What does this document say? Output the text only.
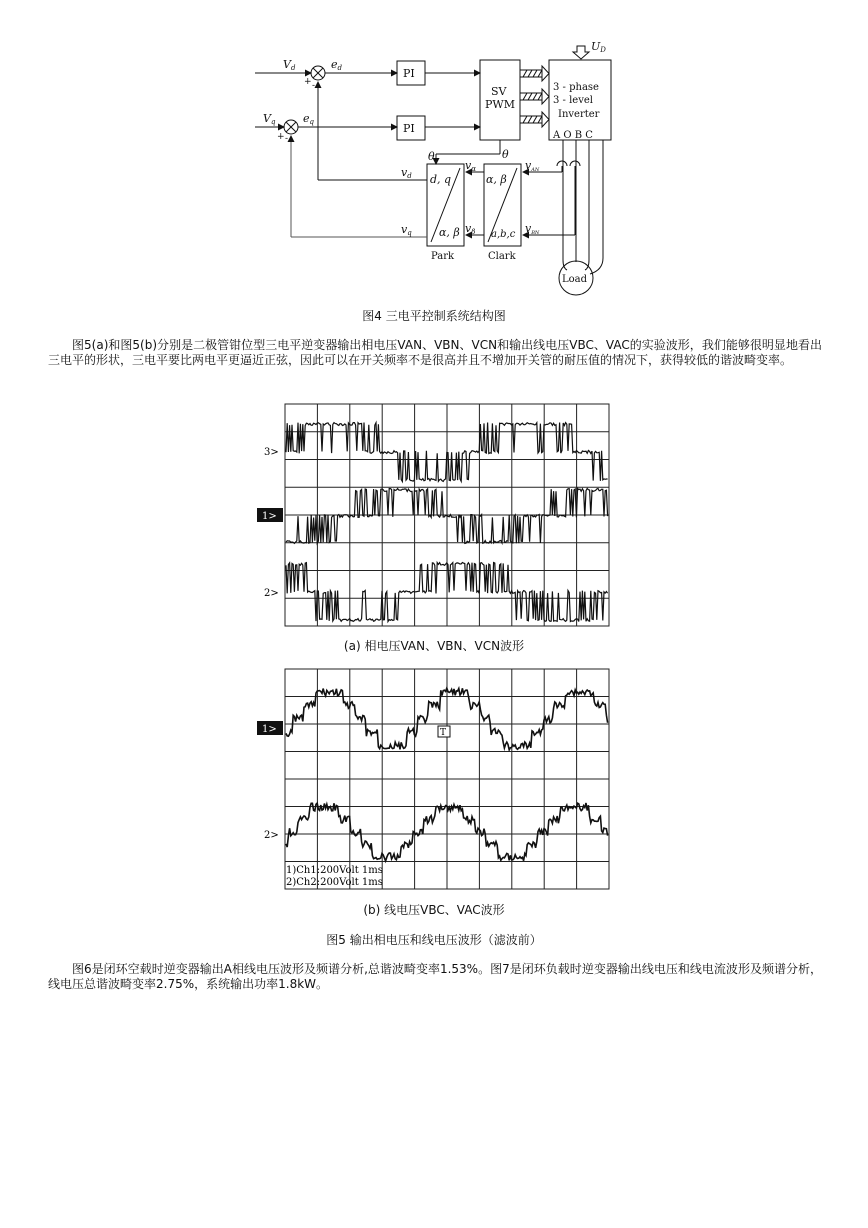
Vd
+ -
ed
Vq
+ -
eq
PI
PI
SV
PWM
UD
3 - phase
3 - level
Inverter
A O B C
θ
θ
vα
vβ
vAN
vBN
vd
vq
d, q
α, β
Park
α, β
a,b,c
Clark
Load
图4 三电平控制系统结构图
图5(a)和图5(b)分别是二极管钳位型三电平逆变器输出相电压VAN、VBN、VCN和输出线电压VBC、VAC的实验波形，我们能够很明显地看出三电平的形状，三电平要比两电平更逼近正弦，因此可以在开关频率不是很高并且不增加开关管的耐压值的情况下，获得较低的谐波畸变率。
3>
1>
2>
(a) 相电压VAN、VBN、VCN波形
1>
2>
T
1)Ch1:200Volt 1ms
2)Ch2:200Volt 1ms
(b) 线电压VBC、VAC波形
图5 输出相电压和线电压波形（滤波前）
图6是闭环空载时逆变器输出A相线电压波形及频谱分析,总谐波畸变率1.53%。图7是闭环负载时逆变器输出线电压和线电流波形及频谱分析，线电压总谐波畸变率2.75%，系统输出功率1.8kW。
